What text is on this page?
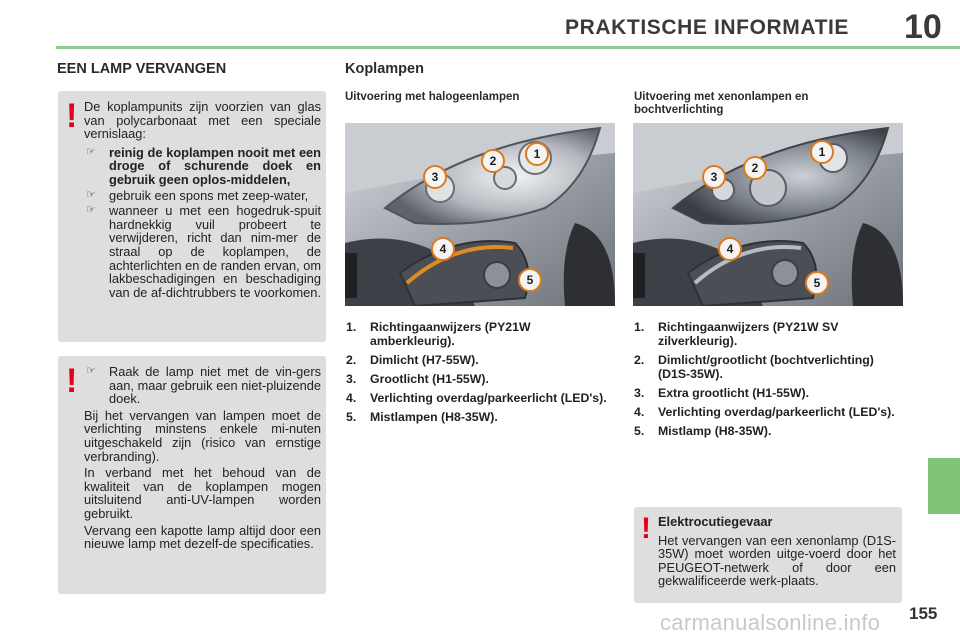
PRAKTISCHE INFORMATIE 10
EEN LAMP VERVANGEN
! De koplampunits zijn voorzien van glas van polycarbonaat met een speciale vernislaag:
☞	reinig de koplampen nooit met een droge of schurende doek en gebruik geen oplos-middelen,
☞	gebruik een spons met zeep-water,
☞	wanneer u met een hogedruk-spuit hardnekkig vuil probeert te verwijderen, richt dan nim-mer de straal op de koplampen, de achterlichten en de randen ervan, om lakbeschadigingen en beschadiging van de af-dichtrubbers te voorkomen.
! ☞	Raak de lamp niet met de vin-gers aan, maar gebruik een niet-pluizende doek.
Bij het vervangen van lampen moet de verlichting minstens enkele mi-nuten uitgeschakeld zijn (risico van ernstige verbranding).
In verband met het behoud van de kwaliteit van de koplampen mogen uitsluitend anti-UV-lampen worden gebruikt.
Vervang een kapotte lamp altijd door een nieuwe lamp met dezelf-de specificaties.
Koplampen
Uitvoering met halogeenlampen	Uitvoering met xenonlampen en bochtverlichting
1
2
3
4
5
1
2
3
4
5
1.	Richtingaanwijzers (PY21W amberkleurig).
2.	Dimlicht (H7-55W).
3.	Grootlicht (H1-55W).
4.	Verlichting overdag/parkeerlicht (LED's).
5.	Mistlampen (H8-35W).
1.	Richtingaanwijzers (PY21W SV zilverkleurig).
2.	Dimlicht/grootlicht (bochtverlichting) (D1S-35W).
3.	Extra grootlicht (H1-55W).
4.	Verlichting overdag/parkeerlicht (LED's).
5.	Mistlamp (H8-35W).
! Elektrocutiegevaar
Het vervangen van een xenonlamp (D1S-35W) moet worden uitge-voerd door het PEUGEOT-netwerk of door een gekwalificeerde werk-plaats.
carmanualsonline.info 155
